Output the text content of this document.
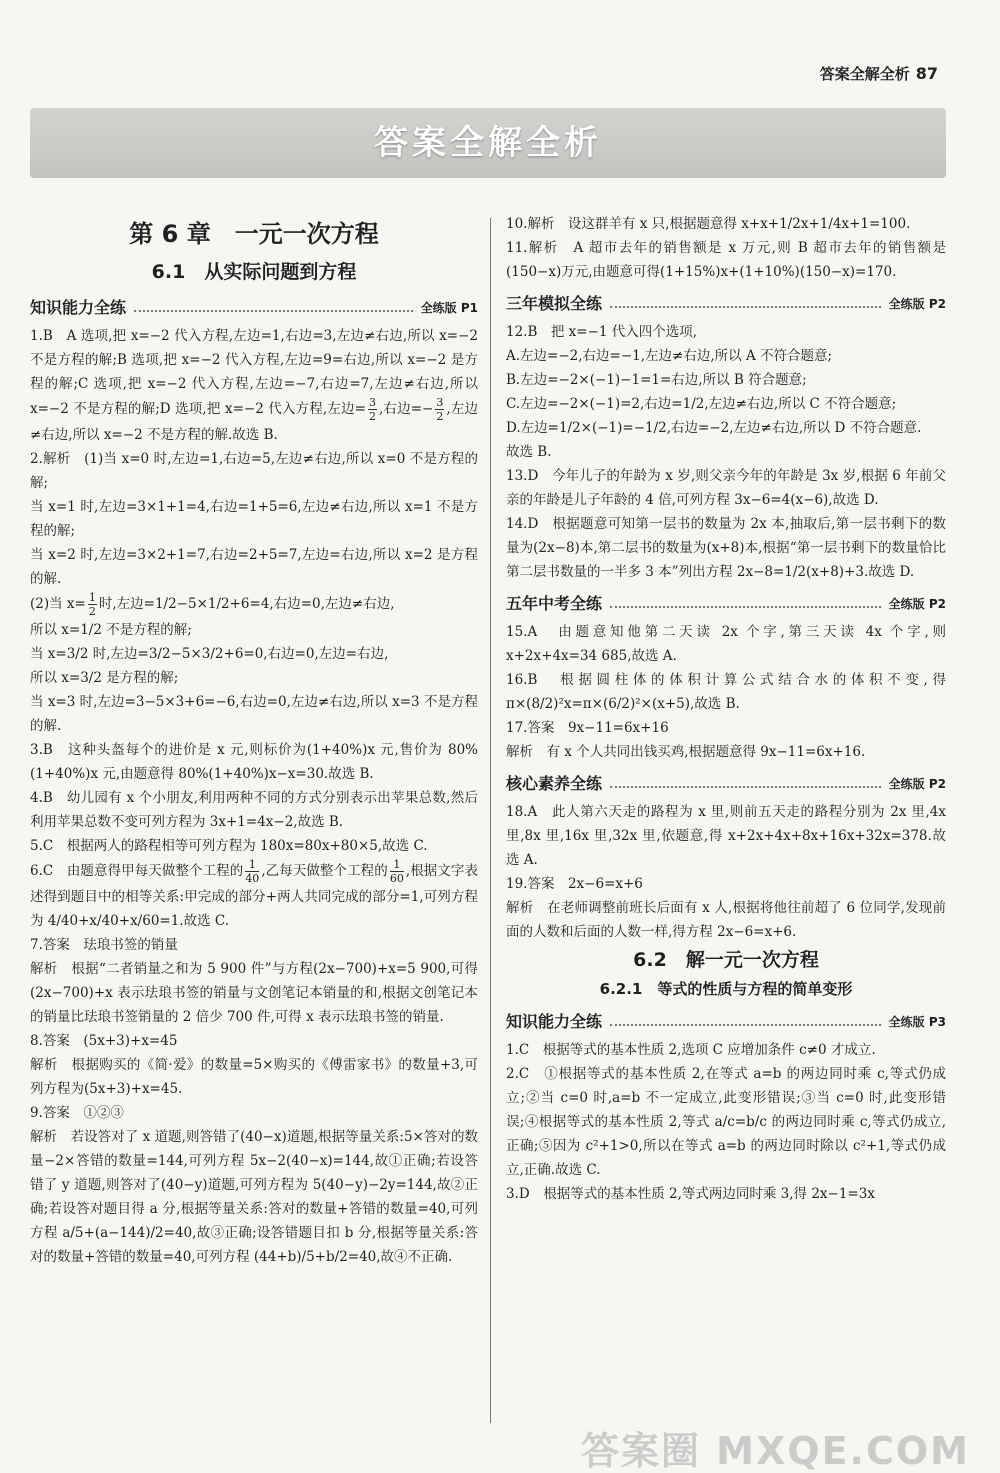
答案全解全析 87
答案全解全析
第 6 章　一元一次方程
6.1　从实际问题到方程
知识能力全练	全练版 P1

1.B　A 选项,把 x=−2 代入方程,左边=1,右边=3,左边≠右边,所以 x=−2 不是方程的解;B 选项,把 x=−2 代入方程,左边=9=右边,所以 x=−2 是方程的解;C 选项,把 x=−2 代入方程,左边=−7,右边=7,左边≠右边,所以 x=−2 不是方程的解;D 选项,把 x=−2 代入方程,左边= $\frac{3}{2}$ ,右边=− $\frac{3}{2}$ ,左边≠右边,所以 x=−2 不是方程的解.故选 B.

2.解析　(1)当 x=0 时,左边=1,右边=5,左边≠右边,所以 x=0 不是方程的解;

当 x=1 时,左边=3×1+1=4,右边=1+5=6,左边≠右边,所以 x=1 不是方程的解;

当 x=2 时,左边=3×2+1=7,右边=2+5=7,左边=右边,所以 x=2 是方程的解.

(2)当 $x= \frac{1}{2}$ 时,左边=1/2−5×1/2+6=4,右边=0,左边≠右边,

所以 x=1/2 不是方程的解;

当 x=3/2 时,左边=3/2−5×3/2+6=0,右边=0,左边=右边,

所以 x=3/2 是方程的解;

当 x=3 时,左边=3−5×3+6=−6,右边=0,左边≠右边,所以 x=3 不是方程的解.

3.B　这种头盔每个的进价是 x 元,则标价为(1+40%)x 元,售价为 80%(1+40%)x 元,由题意得 80%(1+40%)x−x=30.故选 B.

4.B　幼儿园有 x 个小朋友,利用两种不同的方式分别表示出苹果总数,然后利用苹果总数不变可列方程为 3x+1=4x−2,故选 B.

5.C　根据两人的路程相等可列方程为 180x=80x+80×5,故选 C.

6.C　由题意得甲每天做整个工程的 $\frac{1}{40}$ ,乙每天做整个工程的 $\frac{1}{60}$ ,根据文字表述得到题目中的相等关系:甲完成的部分+两人共同完成的部分=1,可列方程为 4/40+x/40+x/60=1.故选 C.

7.答案　珐琅书签的销量

解析　根据“二者销量之和为 5 900 件”与方程(2x−700)+x=5 900,可得(2x−700)+x 表示珐琅书签的销量与文创笔记本销量的和,根据文创笔记本的销量比珐琅书签销量的 2 倍少 700 件,可得 x 表示珐琅书签的销量.

8.答案　(5x+3)+x=45

解析　根据购买的《简·爱》的数量=5×购买的《傅雷家书》的数量+3,可列方程为(5x+3)+x=45.

9.答案　①②③

解析　若设答对了 x 道题,则答错了(40−x)道题,根据等量关系:5×答对的数量−2×答错的数量=144,可列方程 5x−2(40−x)=144,故①正确;若设答错了 y 道题,则答对了(40−y)道题,可列方程为 5(40−y)−2y=144,故②正确;若设答对题目得 a 分,根据等量关系:答对的数量+答错的数量=40,可列方程 a/5+(a−144)/2=40,故③正确;设答错题目扣 b 分,根据等量关系:答对的数量+答错的数量=40,可列方程 (44+b)/5+b/2=40,故④不正确.

10.解析　设这群羊有 x 只,根据题意得 x+x+1/2x+1/4x+1=100.

11.解析　A 超市去年的销售额是 x 万元,则 B 超市去年的销售额是(150−x)万元,由题意可得(1+15%)x+(1+10%)(150−x)=170.

三年模拟全练	全练版 P2

12.B　把 x=−1 代入四个选项,

A.左边=−2,右边=−1,左边≠右边,所以 A 不符合题意;

B.左边=−2×(−1)−1=1=右边,所以 B 符合题意;

C.左边=−2×(−1)=2,右边=1/2,左边≠右边,所以 C 不符合题意;

D.左边=1/2×(−1)=−1/2,右边=−2,左边≠右边,所以 D 不符合题意.

故选 B.

13.D　今年儿子的年龄为 x 岁,则父亲今年的年龄是 3x 岁,根据 6 年前父亲的年龄是儿子年龄的 4 倍,可列方程 3x−6=4(x−6),故选 D.

14.D　根据题意可知第一层书的数量为 2x 本,抽取后,第一层书剩下的数量为(2x−8)本,第二层书的数量为(x+8)本,根据“第一层书剩下的数量恰比第二层书数量的一半多 3 本”列出方程 2x−8=1/2(x+8)+3.故选 D.

五年中考全练	全练版 P2

15.A　由题意知他第二天读 2x 个字,第三天读 4x 个字,则 x+2x+4x=34 685,故选 A.

16.B　根据圆柱体的体积计算公式结合水的体积不变,得 π×(8/2)²x=π×(6/2)²×(x+5),故选 B.

17.答案　9x−11=6x+16

解析　有 x 个人共同出钱买鸡,根据题意得 9x−11=6x+16.

核心素养全练	全练版 P2

18.A　此人第六天走的路程为 x 里,则前五天走的路程分别为 2x 里,4x 里,8x 里,16x 里,32x 里,依题意,得 x+2x+4x+8x+16x+32x=378.故选 A.

19.答案　2x−6=x+6

解析　在老师调整前班长后面有 x 人,根据将他往前超了 6 位同学,发现前面的人数和后面的人数一样,得方程 2x−6=x+6.

6.2　解一元一次方程
6.2.1　等式的性质与方程的简单变形
知识能力全练	全练版 P3

1.C　根据等式的基本性质 2,选项 C 应增加条件 c≠0 才成立.

2.C　①根据等式的基本性质 2,在等式 a=b 的两边同时乘 c,等式仍成立;②当 c=0 时,a=b 不一定成立,此变形错误;③当 c=0 时,此变形错误;④根据等式的基本性质 2,等式 a/c=b/c 的两边同时乘 c,等式仍成立,正确;⑤因为 c²+1>0,所以在等式 a=b 的两边同时除以 c²+1,等式仍成立,正确.故选 C.

3.D　根据等式的基本性质 2,等式两边同时乘 3,得 2x−1=3x

答案圈 MXQE.COM
